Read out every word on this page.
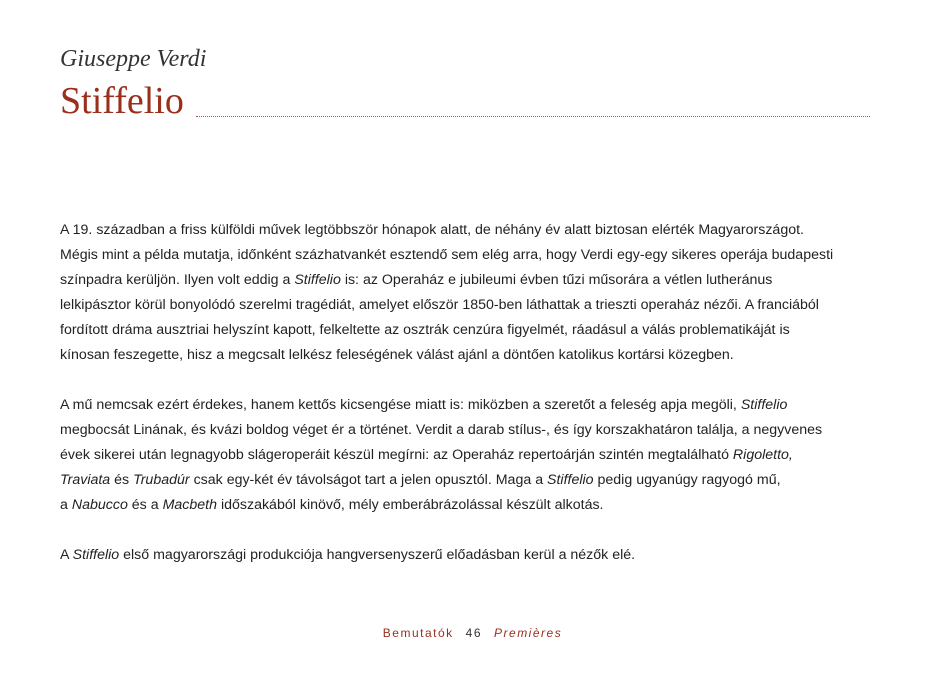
Giuseppe Verdi
Stiffelio

A 19. században a friss külföldi művek legtöbbször hónapok alatt, de néhány év alatt biztosan elérték Magyarországot.
Mégis mint a példa mutatja, időnként százhatvankét esztendő sem elég arra, hogy Verdi egy-egy sikeres operája budapesti
színpadra kerüljön. Ilyen volt eddig a Stiffelio is: az Operaház e jubileumi évben tűzi műsorára a vétlen lutheránus
lelkipásztor körül bonyolódó szerelmi tragédiát, amelyet először 1850-ben láthattak a trieszti operaház nézői. A franciából
fordított dráma ausztriai helyszínt kapott, felkeltette az osztrák cenzúra figyelmét, ráadásul a válás problematikáját is
kínosan feszegette, hisz a megcsalt lelkész feleségének válást ajánl a döntően katolikus kortársi közegben.

A mű nemcsak ezért érdekes, hanem kettős kicsengése miatt is: miközben a szeretőt a feleség apja megöli, Stiffelio
megbocsát Linának, és kvázi boldog véget ér a történet. Verdit a darab stílus-, és így korszakhatáron találja, a negyvenes
évek sikerei után legnagyobb slágeroperáit készül megírni: az Operaház repertoárján szintén megtalálható Rigoletto,
Traviata és Trubadúr csak egy-két év távolságot tart a jelen opusztól. Maga a Stiffelio pedig ugyanúgy ragyogó mű,
a Nabucco és a Macbeth időszakából kinövő, mély emberábrázolással készült alkotás.

A Stiffelio első magyarországi produkciója hangversenyszerű előadásban kerül a nézők elé.

Bemutatók 46 Premières
